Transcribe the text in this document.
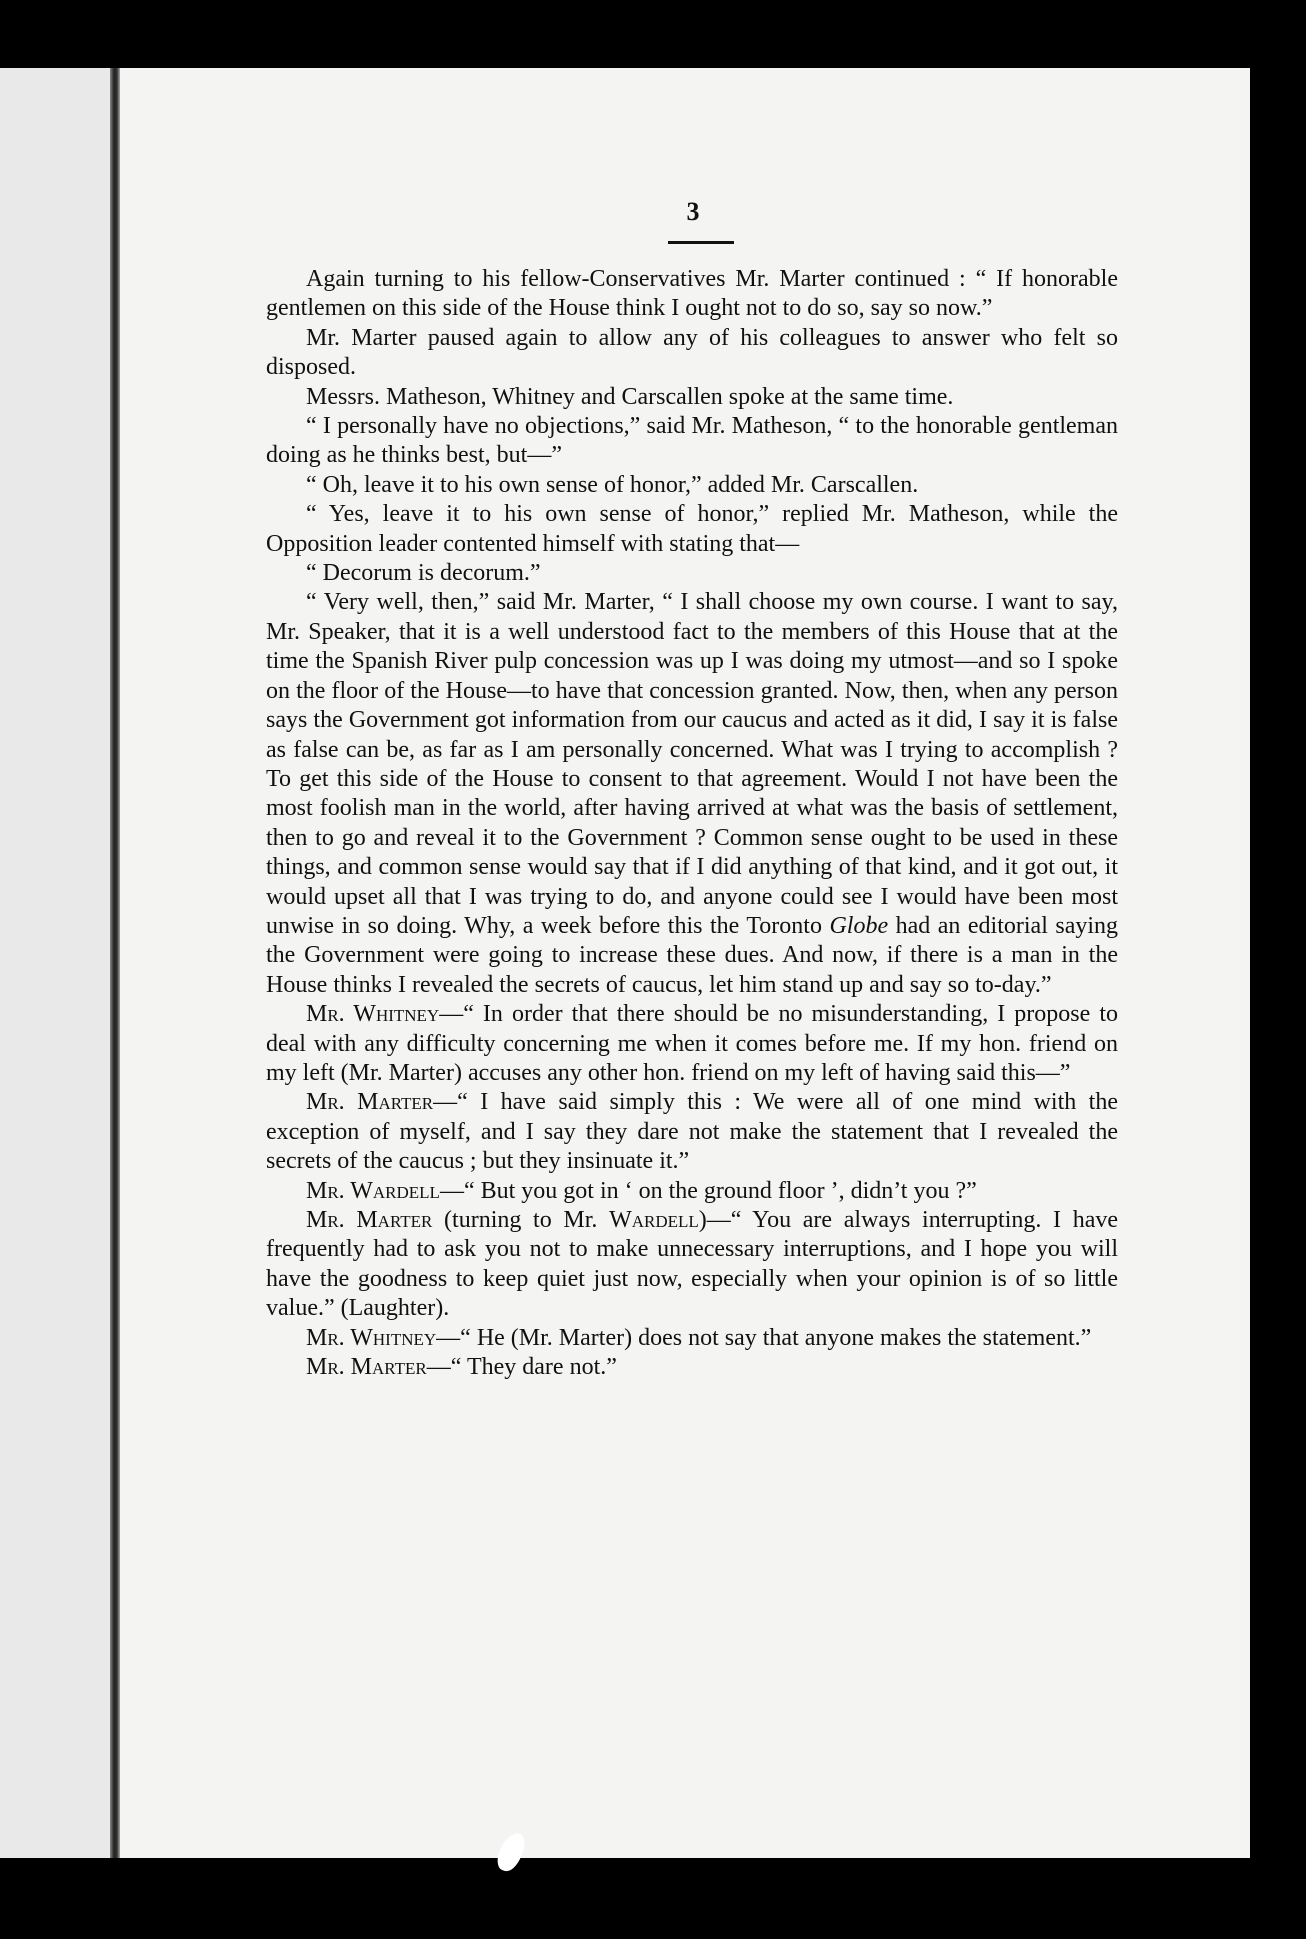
3

Again turning to his fellow-Conservatives Mr. Marter continued : “ If honorable gentlemen on this side of the House think I ought not to do so, say so now.”

Mr. Marter paused again to allow any of his colleagues to answer who felt so disposed.

Messrs. Matheson, Whitney and Carscallen spoke at the same time.

“ I personally have no objections,” said Mr. Matheson, “ to the honorable gentleman doing as he thinks best, but—”

“ Oh, leave it to his own sense of honor,” added Mr. Carscallen.

“ Yes, leave it to his own sense of honor,” replied Mr. Matheson, while the Opposition leader contented himself with stating that—

“ Decorum is decorum.”

“ Very well, then,” said Mr. Marter, “ I shall choose my own course. I want to say, Mr. Speaker, that it is a well understood fact to the members of this House that at the time the Spanish River pulp concession was up I was doing my utmost—and so I spoke on the floor of the House—to have that concession granted. Now, then, when any person says the Government got information from our caucus and acted as it did, I say it is false as false can be, as far as I am personally concerned. What was I trying to accomplish ? To get this side of the House to consent to that agreement. Would I not have been the most foolish man in the world, after having arrived at what was the basis of settlement, then to go and reveal it to the Government ? Common sense ought to be used in these things, and common sense would say that if I did anything of that kind, and it got out, it would upset all that I was trying to do, and anyone could see I would have been most unwise in so doing. Why, a week before this the Toronto Globe had an editorial saying the Government were going to increase these dues. And now, if there is a man in the House thinks I revealed the secrets of caucus, let him stand up and say so to-day.”

Mr. Whitney—“ In order that there should be no misunderstanding, I propose to deal with any difficulty concerning me when it comes before me. If my hon. friend on my left (Mr. Marter) accuses any other hon. friend on my left of having said this—”

Mr. Marter—“ I have said simply this : We were all of one mind with the exception of myself, and I say they dare not make the statement that I revealed the secrets of the caucus ; but they insinuate it.”

Mr. Wardell—“ But you got in ‘ on the ground floor ’, didn’t you ?”

Mr. Marter (turning to Mr. Wardell)—“ You are always interrupting. I have frequently had to ask you not to make unnecessary interruptions, and I hope you will have the goodness to keep quiet just now, especially when your opinion is of so little value.” (Laughter).

Mr. Whitney—“ He (Mr. Marter) does not say that anyone makes the statement.”

Mr. Marter—“ They dare not.”
